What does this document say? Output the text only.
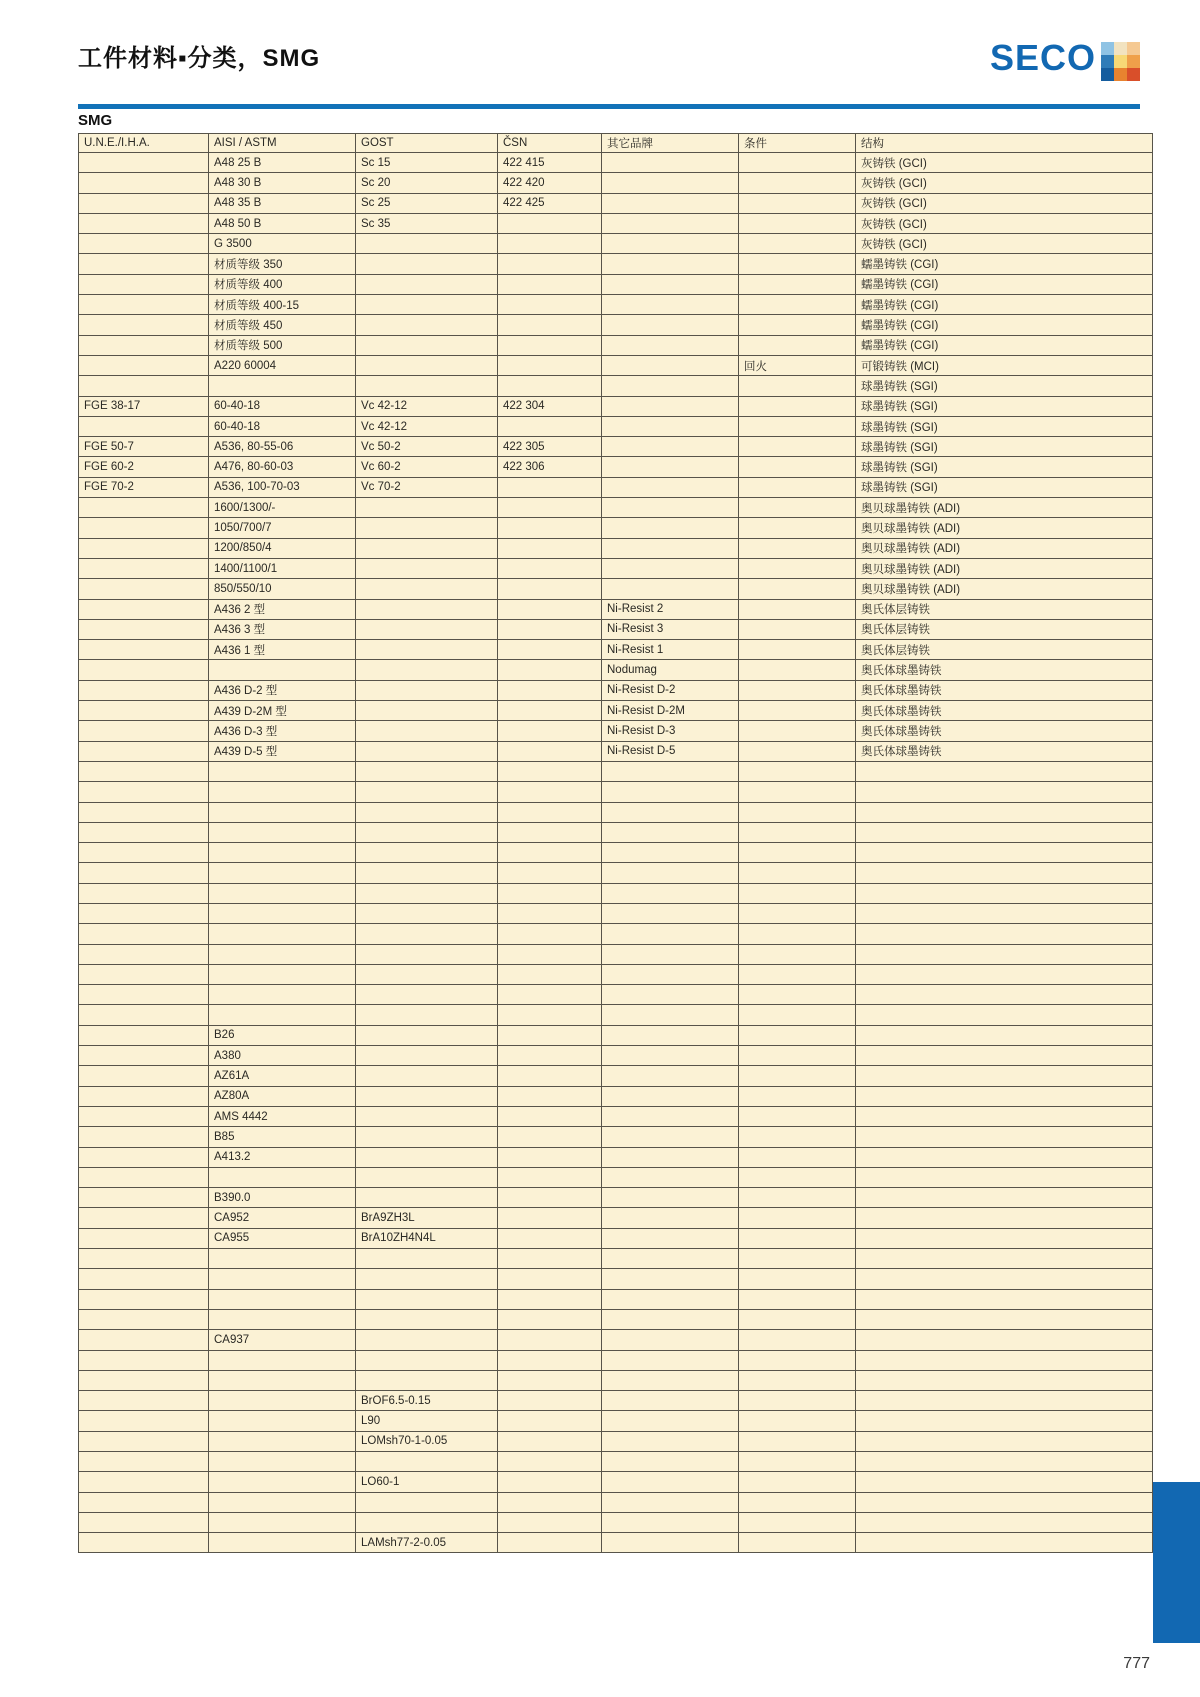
工件材料▪分类，SMG	SECO
SMG
U.N.E./I.H.A.	AISI / ASTM	GOST	ČSN	其它品牌	条件	结构
	A48 25 B	Sc 15	422 415			灰铸铁 (GCI)
	A48 30 B	Sc 20	422 420			灰铸铁 (GCI)
	A48 35 B	Sc 25	422 425			灰铸铁 (GCI)
	A48 50 B	Sc 35				灰铸铁 (GCI)
	G 3500					灰铸铁 (GCI)
	材质等级 350					蠕墨铸铁 (CGI)
	材质等级 400					蠕墨铸铁 (CGI)
	材质等级 400-15					蠕墨铸铁 (CGI)
	材质等级 450					蠕墨铸铁 (CGI)
	材质等级 500					蠕墨铸铁 (CGI)
	A220 60004				回火	可锻铸铁 (MCI)
						球墨铸铁 (SGI)
FGE 38-17	60-40-18	Vc 42-12	422 304			球墨铸铁 (SGI)
	60-40-18	Vc 42-12				球墨铸铁 (SGI)
FGE 50-7	A536, 80-55-06	Vc 50-2	422 305			球墨铸铁 (SGI)
FGE 60-2	A476, 80-60-03	Vc 60-2	422 306			球墨铸铁 (SGI)
FGE 70-2	A536, 100-70-03	Vc 70-2				球墨铸铁 (SGI)
	1600/1300/-					奥贝球墨铸铁 (ADI)
	1050/700/7					奥贝球墨铸铁 (ADI)
	1200/850/4					奥贝球墨铸铁 (ADI)
	1400/1100/1					奥贝球墨铸铁 (ADI)
	850/550/10					奥贝球墨铸铁 (ADI)
	A436 2 型			Ni-Resist 2		奥氏体层铸铁
	A436 3 型			Ni-Resist 3		奥氏体层铸铁
	A436 1 型			Ni-Resist 1		奥氏体层铸铁
				Nodumag		奥氏体球墨铸铁
	A436 D-2 型			Ni-Resist D-2		奥氏体球墨铸铁
	A439 D-2M 型			Ni-Resist D-2M		奥氏体球墨铸铁
	A436 D-3 型			Ni-Resist D-3		奥氏体球墨铸铁
	A439 D-5 型			Ni-Resist D-5		奥氏体球墨铸铁

	B26					
	A380					
	AZ61A					
	AZ80A					
	AMS 4442					
	B85					
	A413.2					

	B390.0					
	CA952	BrA9ZH3L				
	CA955	BrA10ZH4N4L				

	CA937					

		BrOF6.5-0.15				
		L90				
		LOMsh70-1-0.05				

		LO60-1				

		LAMsh77-2-0.05				
777
